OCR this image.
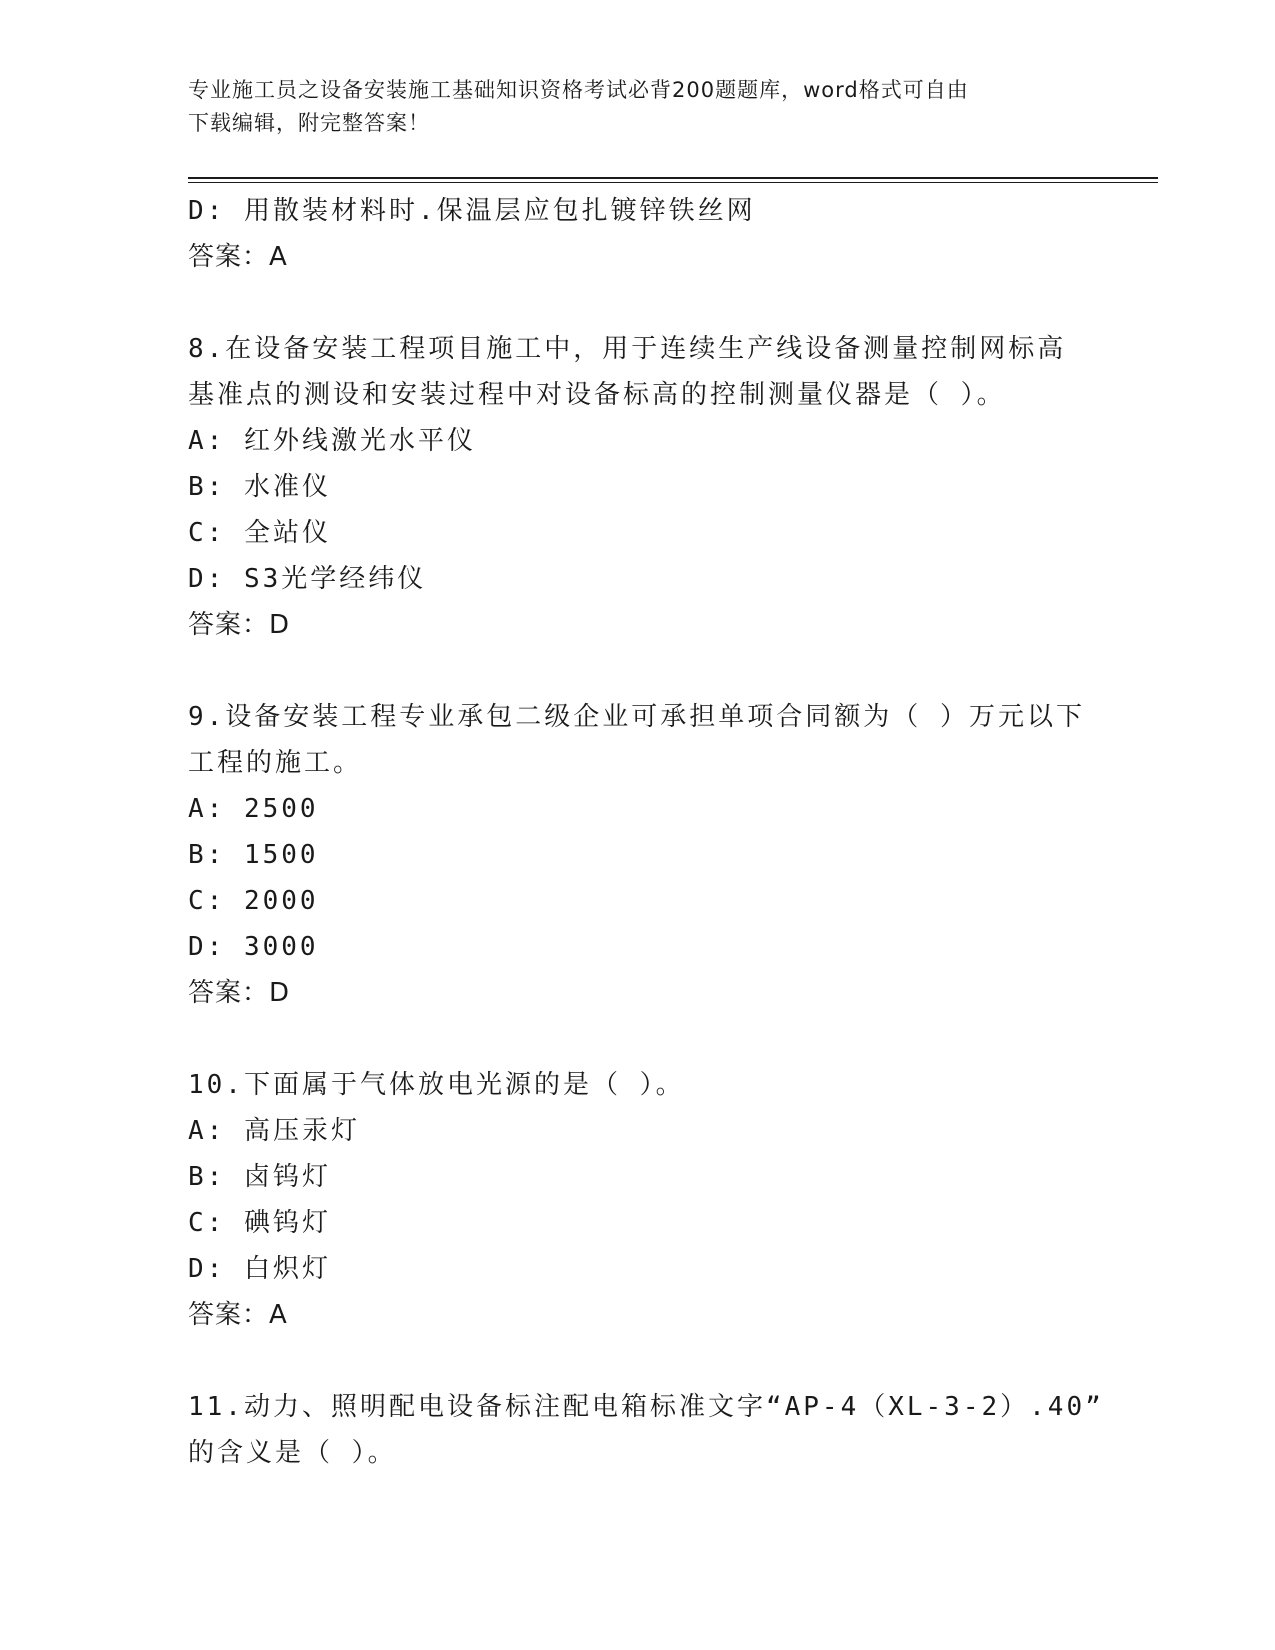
专业施工员之设备安装施工基础知识资格考试必背200题题库，word格式可自由
下载编辑，附完整答案！
D: 用散装材料时.保温层应包扎镀锌铁丝网
答案：A
8.在设备安装工程项目施工中，用于连续生产线设备测量控制网标高
基准点的测设和安装过程中对设备标高的控制测量仪器是（ ）。
A: 红外线激光水平仪
B: 水准仪
C: 全站仪
D: S3光学经纬仪
答案：D
9.设备安装工程专业承包二级企业可承担单项合同额为（ ）万元以下
工程的施工。
A: 2500
B: 1500
C: 2000
D: 3000
答案：D
10.下面属于气体放电光源的是（ ）。
A: 高压汞灯
B: 卤钨灯
C: 碘钨灯
D: 白炽灯
答案：A
11.动力、照明配电设备标注配电箱标准文字“AP-4（XL-3-2）.40”
的含义是（ ）。
